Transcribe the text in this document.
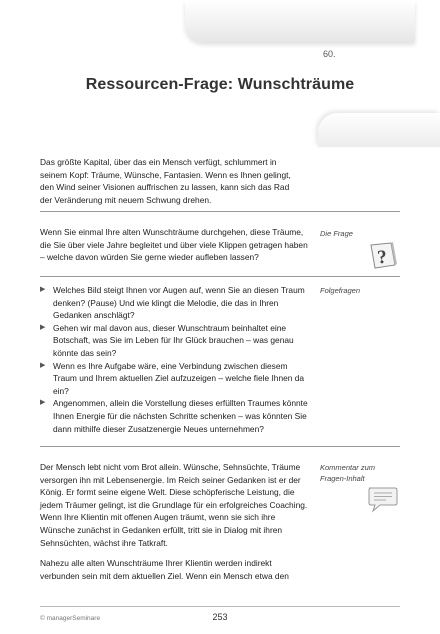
60.
Ressourcen-Frage: Wunschträume

Das größte Kapital, über das ein Mensch verfügt, schlummert in seinem Kopf: Träume, Wünsche, Fantasien. Wenn es Ihnen gelingt, den Wind seiner Visionen auffrischen zu lassen, kann sich das Rad der Veränderung mit neuem Schwung drehen.

Wenn Sie einmal Ihre alten Wunschträume durchgehen, diese Träume, die Sie über viele Jahre begleitet und über viele Klippen getragen haben – welche davon würden Sie gerne wieder aufleben lassen?

Die Frage
?
▶ Welches Bild steigt Ihnen vor Augen auf, wenn Sie an diesen Traum denken? (Pause) Und wie klingt die Melodie, die das in Ihren Gedanken anschlägt?
▶ Gehen wir mal davon aus, dieser Wunschtraum beinhaltet eine Botschaft, was Sie im Leben für Ihr Glück brauchen – was genau könnte das sein?
▶ Wenn es Ihre Aufgabe wäre, eine Verbindung zwischen diesem Traum und Ihrem aktuellen Ziel aufzuzeigen – welche fiele Ihnen da ein?
▶ Angenommen, allein die Vorstellung dieses erfüllten Traumes könnte Ihnen Energie für die nächsten Schritte schenken – was könnten Sie dann mithilfe dieser Zusatzenergie Neues unternehmen?
Folgefragen

Der Mensch lebt nicht vom Brot allein. Wünsche, Sehnsüchte, Träume versorgen ihn mit Lebensenergie. Im Reich seiner Gedanken ist er der König. Er formt seine eigene Welt. Diese schöpferische Leistung, die jedem Träumer gelingt, ist die Grundlage für ein erfolgreiches Coaching. Wenn Ihre Klientin mit offenen Augen träumt, wenn sie sich ihre Wünsche zunächst in Gedanken erfüllt, tritt sie in Dialog mit ihren Sehnsüchten, wächst ihre Tatkraft.

Nahezu alle alten Wunschträume Ihrer Klientin werden indirekt verbunden sein mit dem aktuellen Ziel. Wenn ein Mensch etwa den

Kommentar zum Fragen-Inhalt
© managerSeminare	253
